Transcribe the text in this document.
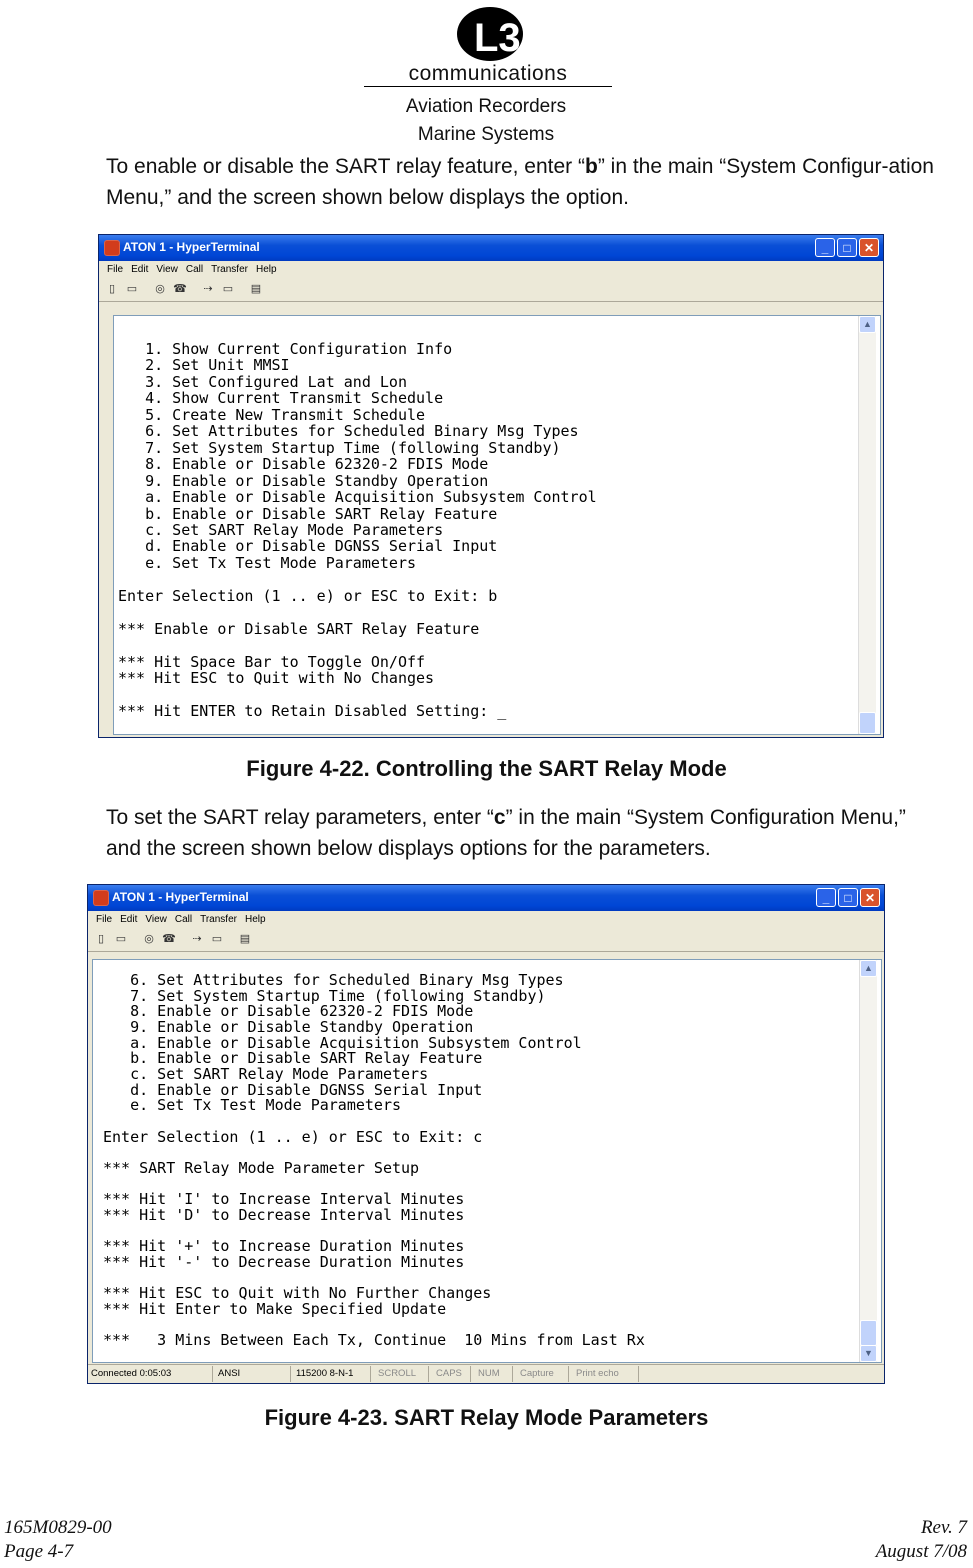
L3
communications
Aviation Recorders
Marine Systems
To enable or disable the SART relay feature, enter “b” in the main “System Configur-ation Menu,” and the screen shown below displays the option.
ATON 1 - HyperTerminal	_ □ ✕
File Edit View Call Transfer Help
▯ ▭ ◎ ☎ ⇢ ▭ ▤
1. Show Current Configuration Info
2. Set Unit MMSI
3. Set Configured Lat and Lon
4. Show Current Transmit Schedule
5. Create New Transmit Schedule
6. Set Attributes for Scheduled Binary Msg Types
7. Set System Startup Time (following Standby)
8. Enable or Disable 62320-2 FDIS Mode
9. Enable or Disable Standby Operation
a. Enable or Disable Acquisition Subsystem Control
b. Enable or Disable SART Relay Feature
c. Set SART Relay Mode Parameters
d. Enable or Disable DGNSS Serial Input
e. Set Tx Test Mode Parameters

Enter Selection (1 .. e) or ESC to Exit: b

*** Enable or Disable SART Relay Feature

*** Hit Space Bar to Toggle On/Off
*** Hit ESC to Quit with No Changes

*** Hit ENTER to Retain Disabled Setting: _
▲
Figure 4-22. Controlling the SART Relay Mode
To set the SART relay parameters, enter “c” in the main “System Configuration Menu,” and the screen shown below displays options for the parameters.
ATON 1 - HyperTerminal	_ □ ✕
File Edit View Call Transfer Help
▯ ▭ ◎ ☎ ⇢ ▭ ▤
6. Set Attributes for Scheduled Binary Msg Types
7. Set System Startup Time (following Standby)
8. Enable or Disable 62320-2 FDIS Mode
9. Enable or Disable Standby Operation
a. Enable or Disable Acquisition Subsystem Control
b. Enable or Disable SART Relay Feature
c. Set SART Relay Mode Parameters
d. Enable or Disable DGNSS Serial Input
e. Set Tx Test Mode Parameters

Enter Selection (1 .. e) or ESC to Exit: c

*** SART Relay Mode Parameter Setup

*** Hit 'I' to Increase Interval Minutes
*** Hit 'D' to Decrease Interval Minutes

*** Hit '+' to Increase Duration Minutes
*** Hit '-' to Decrease Duration Minutes

*** Hit ESC to Quit with No Further Changes
*** Hit Enter to Make Specified Update

***   3 Mins Between Each Tx, Continue  10 Mins from Last Rx
▲
▼
Connected 0:05:03	ANSI	115200 8-N-1	SCROLL CAPS NUM Capture Print echo
Figure 4-23. SART Relay Mode Parameters
165M0829-00
Page 4-7
Rev. 7
August 7/08
